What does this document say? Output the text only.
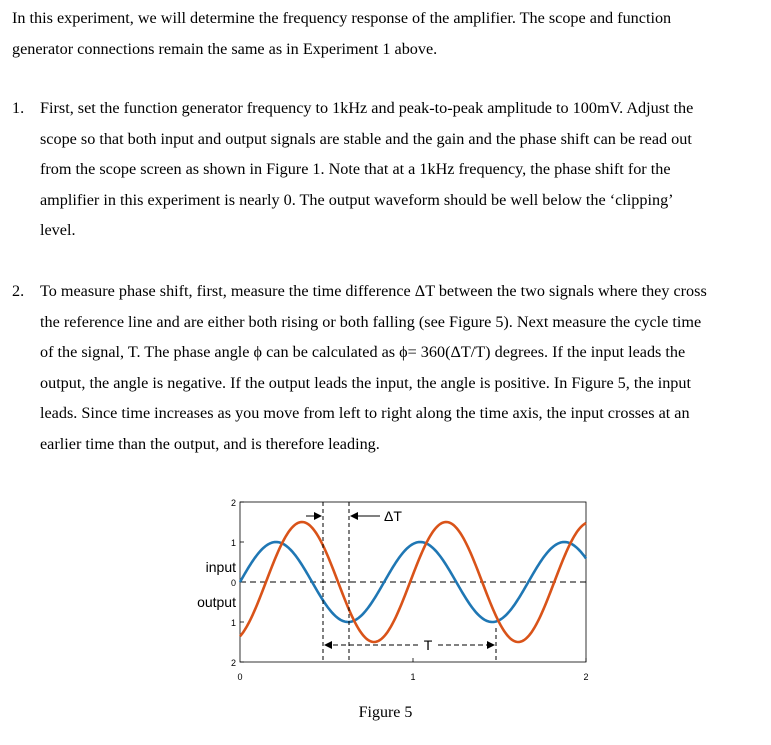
In this experiment, we will determine the frequency response of the amplifier. The scope and function
generator connections remain the same as in Experiment 1 above.
1. First, set the function generator frequency to 1kHz and peak-to-peak amplitude to 100mV. Adjust the
scope so that both input and output signals are stable and the gain and the phase shift can be read out
from the scope screen as shown in Figure 1. Note that at a 1kHz frequency, the phase shift for the
amplifier in this experiment is nearly 0. The output waveform should be well below the ‘clipping’
level.
2. To measure phase shift, first, measure the time difference ΔT between the two signals where they cross
the reference line and are either both rising or both falling (see Figure 5). Next measure the cycle time
of the signal, T. The phase angle ϕ can be calculated as ϕ= 360(ΔT/T) degrees. If the input leads the
output, the angle is negative. If the output leads the input, the angle is positive. In Figure 5, the input
leads. Since time increases as you move from left to right along the time axis, the input crosses at an
earlier time than the output, and is therefore leading.
2
1
0
1
2
0	1	2
ΔT
T
input
output
Figure 5
